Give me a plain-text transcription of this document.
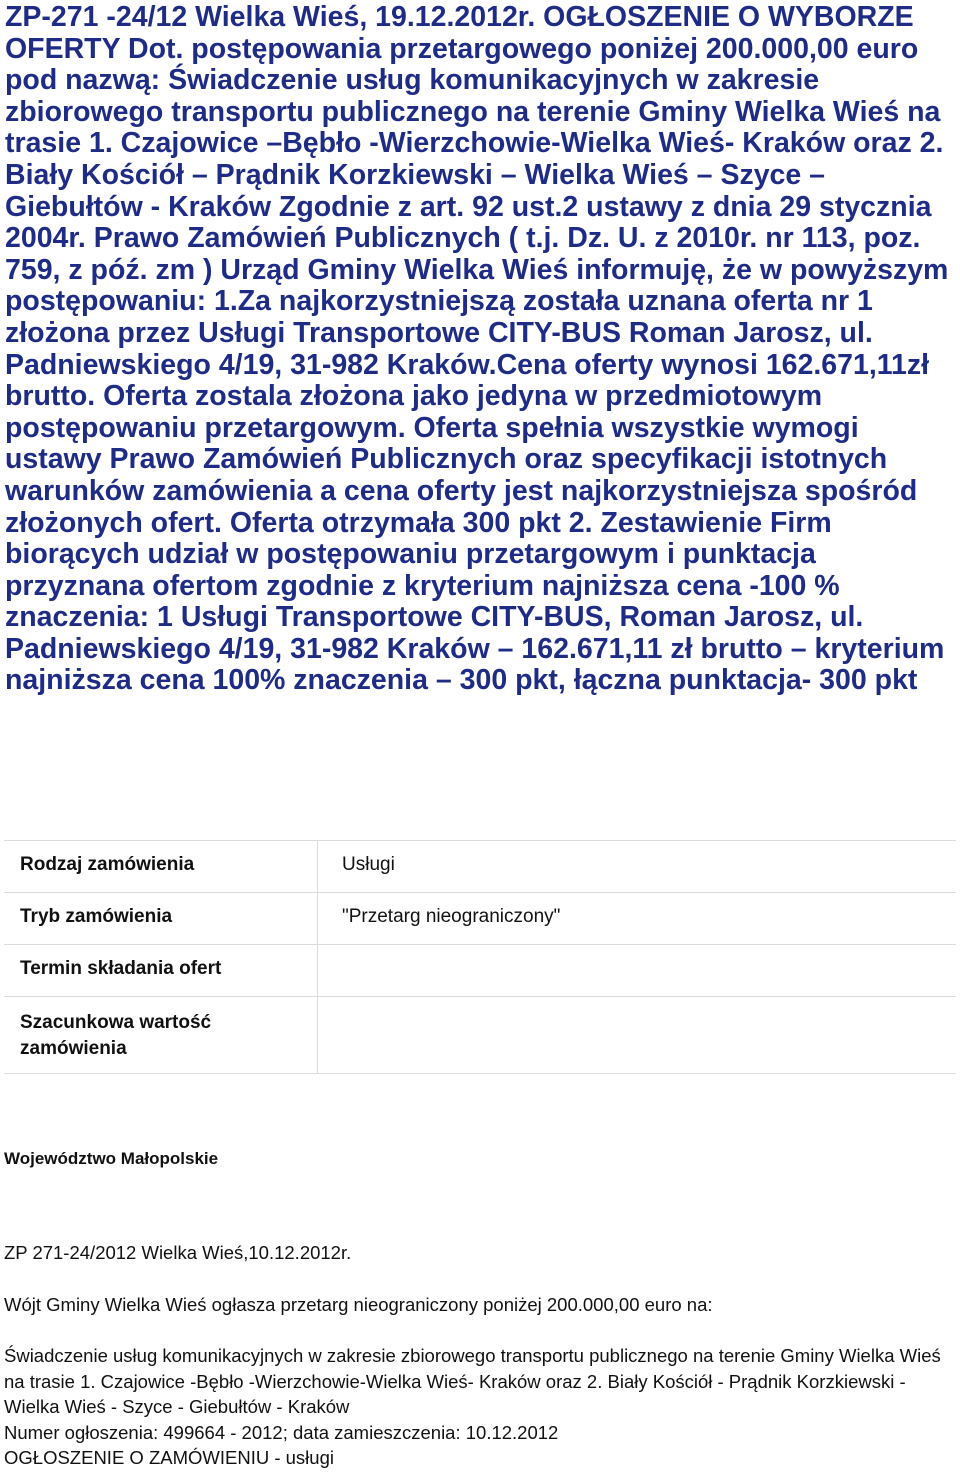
ZP-271 -24/12 Wielka Wieś, 19.12.2012r. OGŁOSZENIE O WYBORZE OFERTY Dot. postępowania przetargowego poniżej 200.000,00 euro pod nazwą: Świadczenie usług komunikacyjnych w zakresie zbiorowego transportu publicznego na terenie Gminy Wielka Wieś na trasie 1. Czajowice –Bębło -Wierzchowie-Wielka Wieś- Kraków oraz 2. Biały Kościół – Prądnik Korzkiewski – Wielka Wieś – Szyce – Giebułtów - Kraków Zgodnie z art. 92 ust.2 ustawy z dnia 29 stycznia 2004r. Prawo Zamówień Publicznych ( t.j. Dz. U. z 2010r. nr 113, poz. 759, z póź. zm ) Urząd Gminy Wielka Wieś informuję, że w powyższym postępowaniu: 1.Za najkorzystniejszą została uznana oferta nr 1 złożona przez Usługi Transportowe CITY-BUS Roman Jarosz, ul. Padniewskiego 4/19, 31-982 Kraków.Cena oferty wynosi 162.671,11zł brutto. Oferta zostala złożona jako jedyna w przedmiotowym postępowaniu przetargowym. Oferta spełnia wszystkie wymogi ustawy Prawo Zamówień Publicznych oraz specyfikacji istotnych warunków zamówienia a cena oferty jest najkorzystniejsza spośród złożonych ofert. Oferta otrzymała 300 pkt 2. Zestawienie Firm biorących udział w postępowaniu przetargowym i punktacja przyznana ofertom zgodnie z kryterium najniższa cena -100 % znaczenia: 1 Usługi Transportowe CITY-BUS, Roman Jarosz, ul. Padniewskiego 4/19, 31-982 Kraków – 162.671,11 zł brutto – kryterium najniższa cena 100% znaczenia – 300 pkt, łączna punktacja- 300 pkt

Rodzaj zamówienia	Usługi
Tryb zamówienia	"Przetarg nieograniczony"
Termin składania ofert	
Szacunkowa wartość zamówienia	

Województwo Małopolskie

ZP 271-24/2012 Wielka Wieś,10.12.2012r.

Wójt Gminy Wielka Wieś ogłasza przetarg nieograniczony poniżej 200.000,00 euro na:

Świadczenie usług komunikacyjnych w zakresie zbiorowego transportu publicznego na terenie Gminy Wielka Wieś na trasie 1. Czajowice -Bębło -Wierzchowie-Wielka Wieś- Kraków oraz 2. Biały Kościół - Prądnik Korzkiewski - Wielka Wieś - Szyce - Giebułtów - Kraków

Numer ogłoszenia: 499664 - 2012; data zamieszczenia: 10.12.2012

OGŁOSZENIE O ZAMÓWIENIU - usługi
